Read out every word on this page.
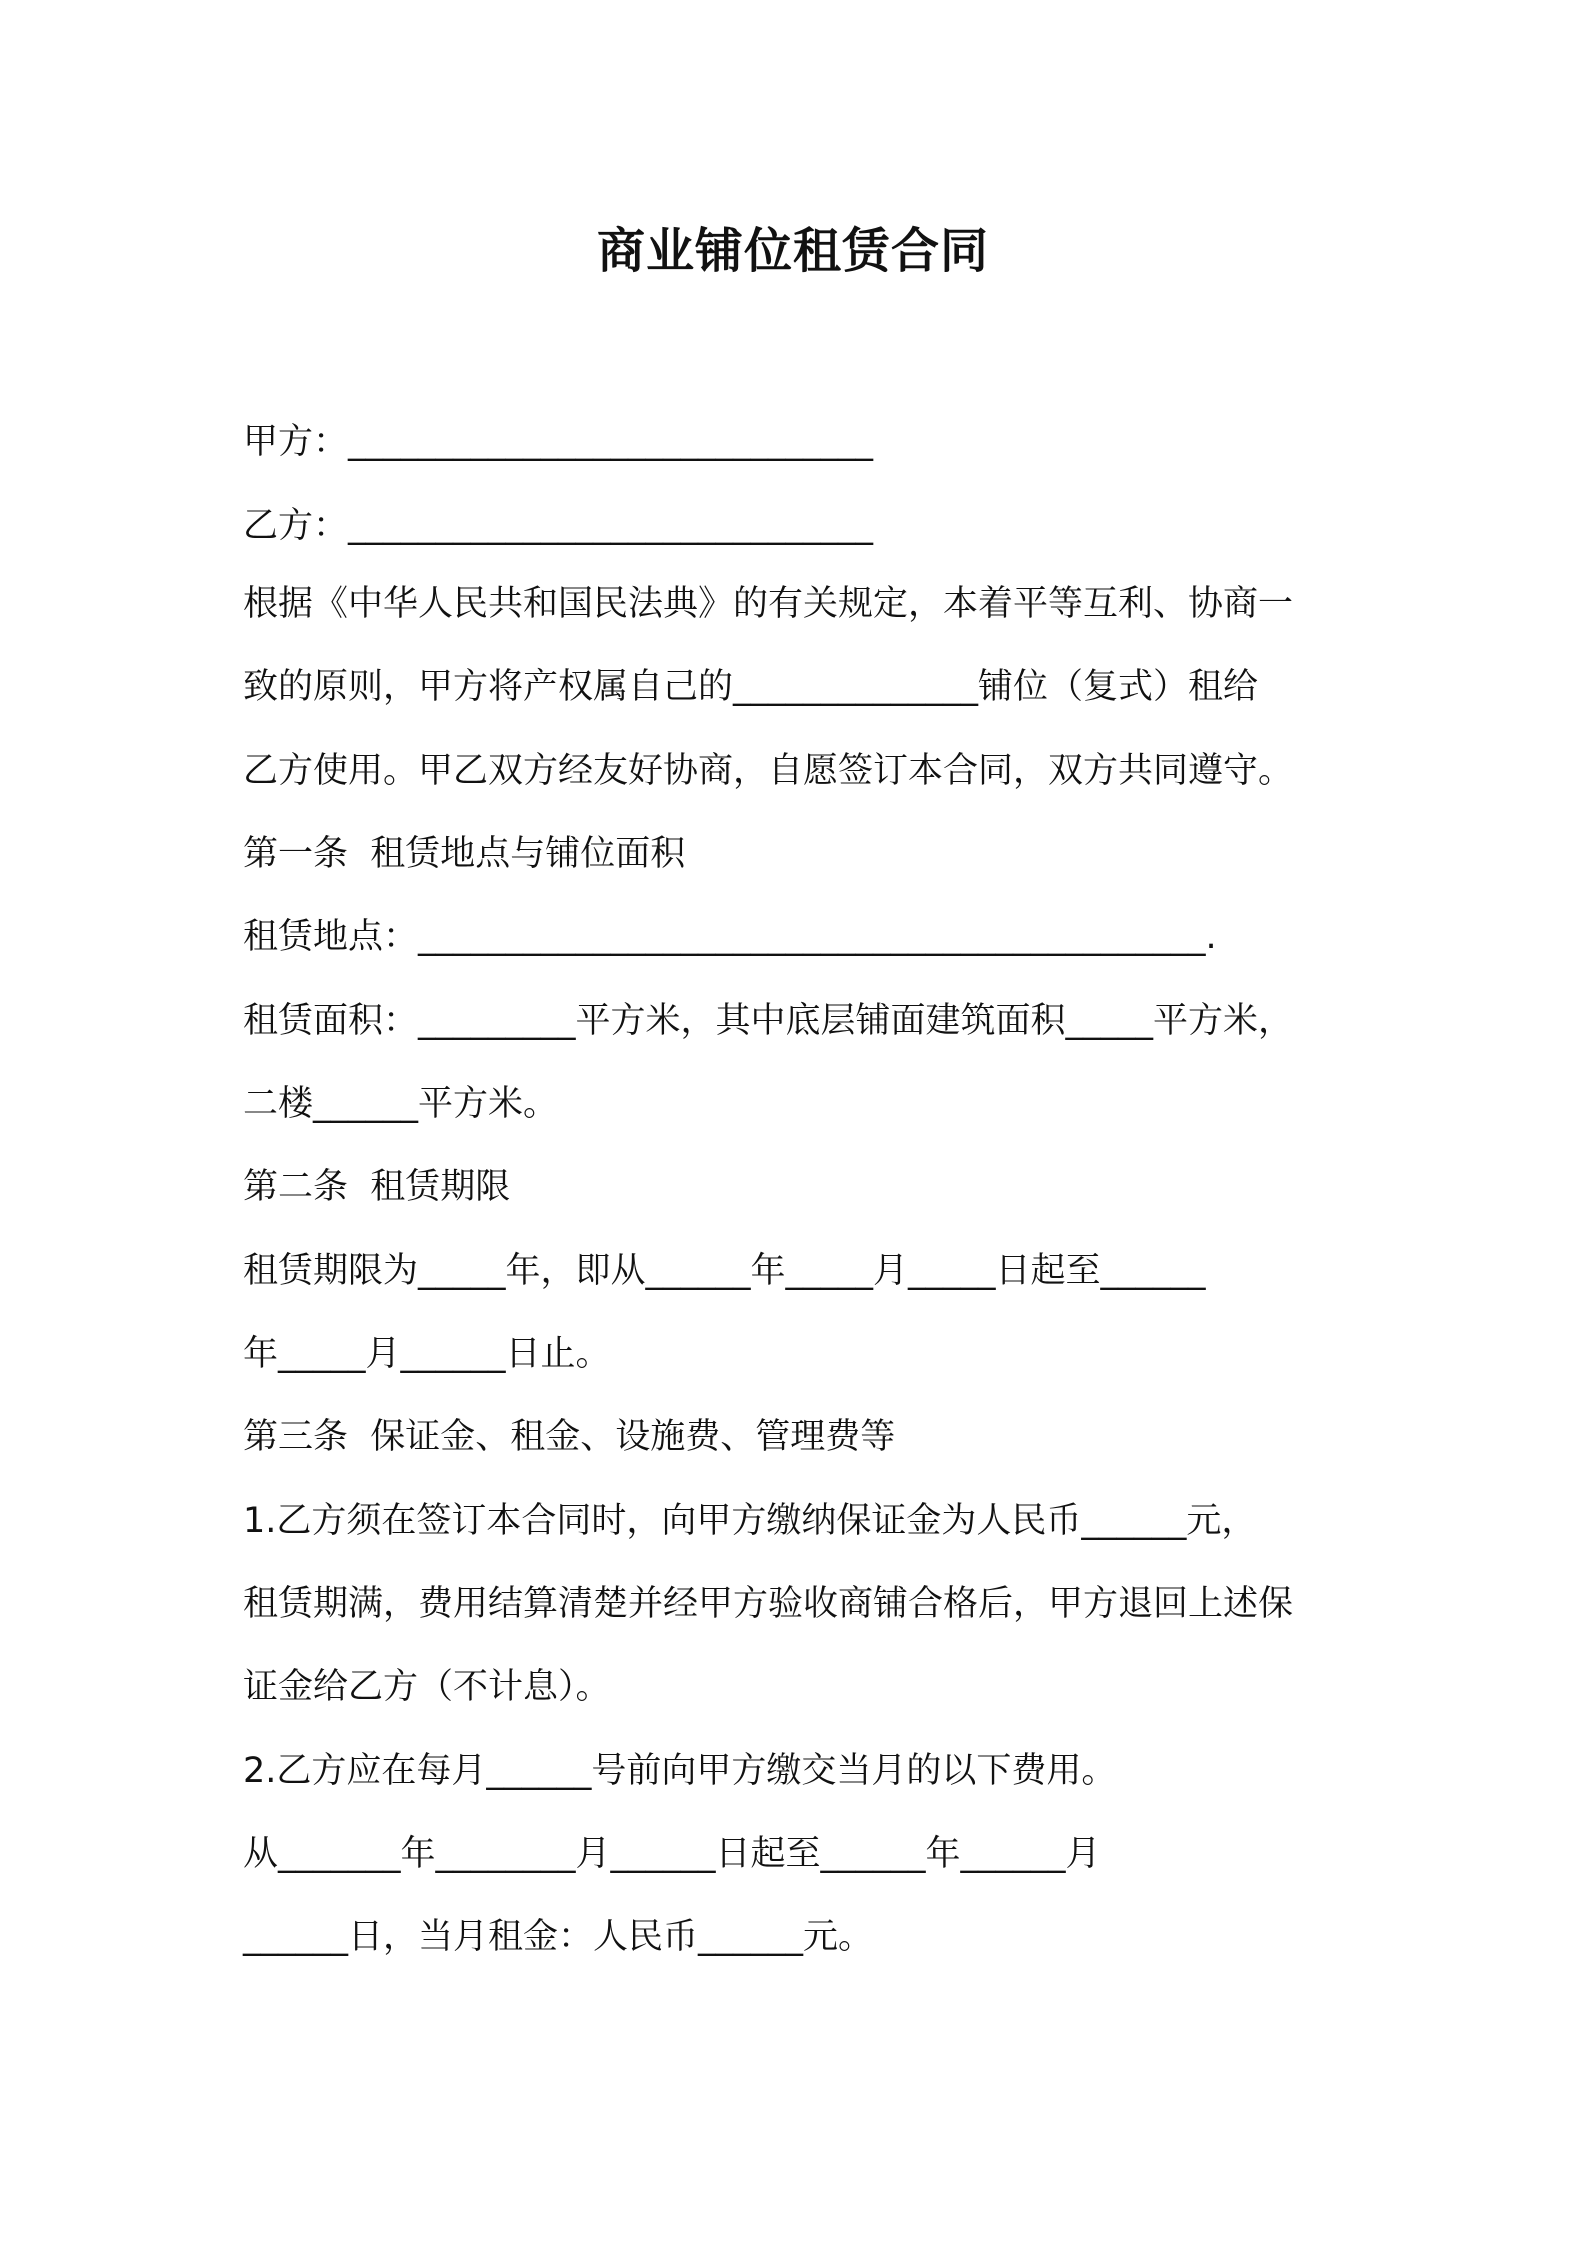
商业铺位租赁合同

甲方：______________________________

乙方：______________________________

根据《中华人民共和国民法典》的有关规定，本着平等互利、协商一

致的原则，甲方将产权属自己的______________铺位（复式）租给

乙方使用。甲乙双方经友好协商，自愿签订本合同，双方共同遵守。

第一条  租赁地点与铺位面积

租赁地点：_____________________________________________.

租赁面积：_________平方米，其中底层铺面建筑面积_____平方米，

二楼______平方米。

第二条  租赁期限

租赁期限为_____年，即从______年_____月_____日起至______

年_____月______日止。

第三条  保证金、租金、设施费、管理费等

1.乙方须在签订本合同时，向甲方缴纳保证金为人民币______元，

租赁期满，费用结算清楚并经甲方验收商铺合格后，甲方退回上述保

证金给乙方（不计息）。

2.乙方应在每月______号前向甲方缴交当月的以下费用。

从_______年________月______日起至______年______月

______日，当月租金：人民币______元。
